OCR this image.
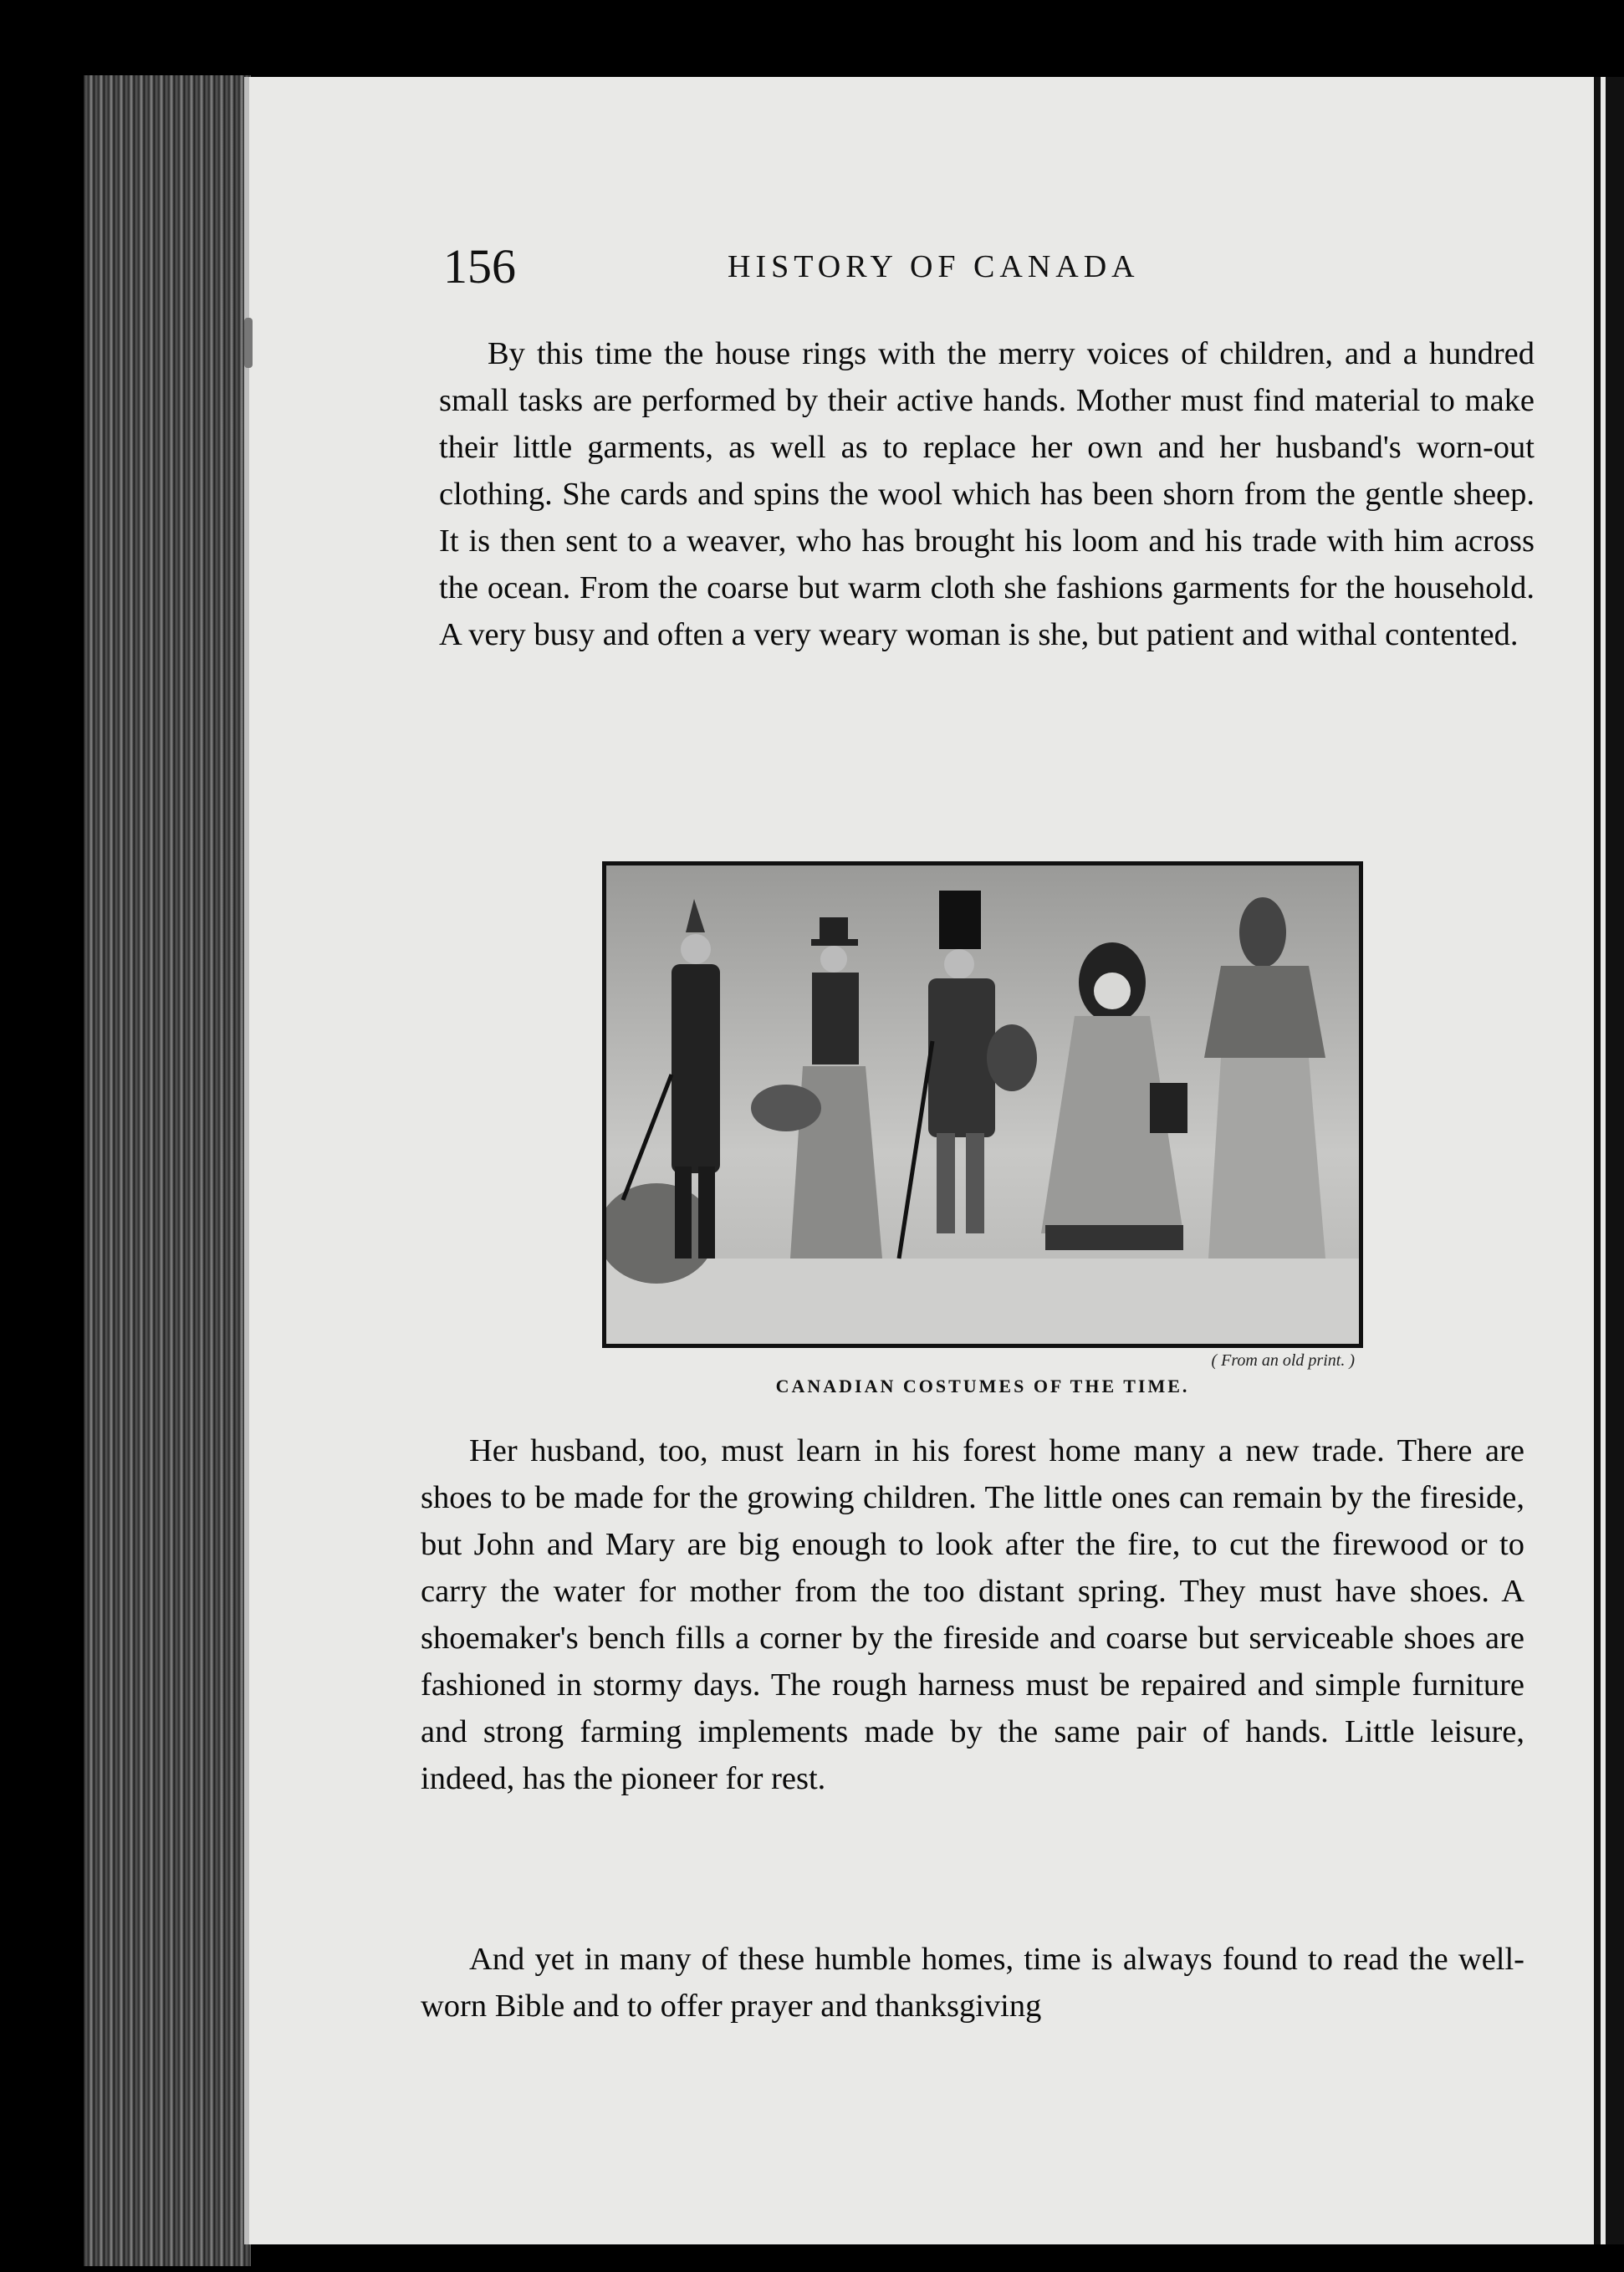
156	HISTORY OF CANADA

By this time the house rings with the merry voices of children, and a hundred small tasks are performed by their active hands. Mother must find material to make their little garments, as well as to replace her own and her husband's worn-out clothing. She cards and spins the wool which has been shorn from the gentle sheep. It is then sent to a weaver, who has brought his loom and his trade with him across the ocean. From the coarse but warm cloth she fashions garments for the household. A very busy and often a very weary woman is she, but patient and withal contented.

( From an old print. )
CANADIAN COSTUMES OF THE TIME.

Her husband, too, must learn in his forest home many a new trade. There are shoes to be made for the growing children. The little ones can remain by the fireside, but John and Mary are big enough to look after the fire, to cut the firewood or to carry the water for mother from the too distant spring. They must have shoes. A shoemaker's bench fills a corner by the fireside and coarse but serviceable shoes are fashioned in stormy days. The rough harness must be repaired and simple furniture and strong farming implements made by the same pair of hands. Little leisure, indeed, has the pioneer for rest.

And yet in many of these humble homes, time is always found to read the well-worn Bible and to offer prayer and thanksgiving
